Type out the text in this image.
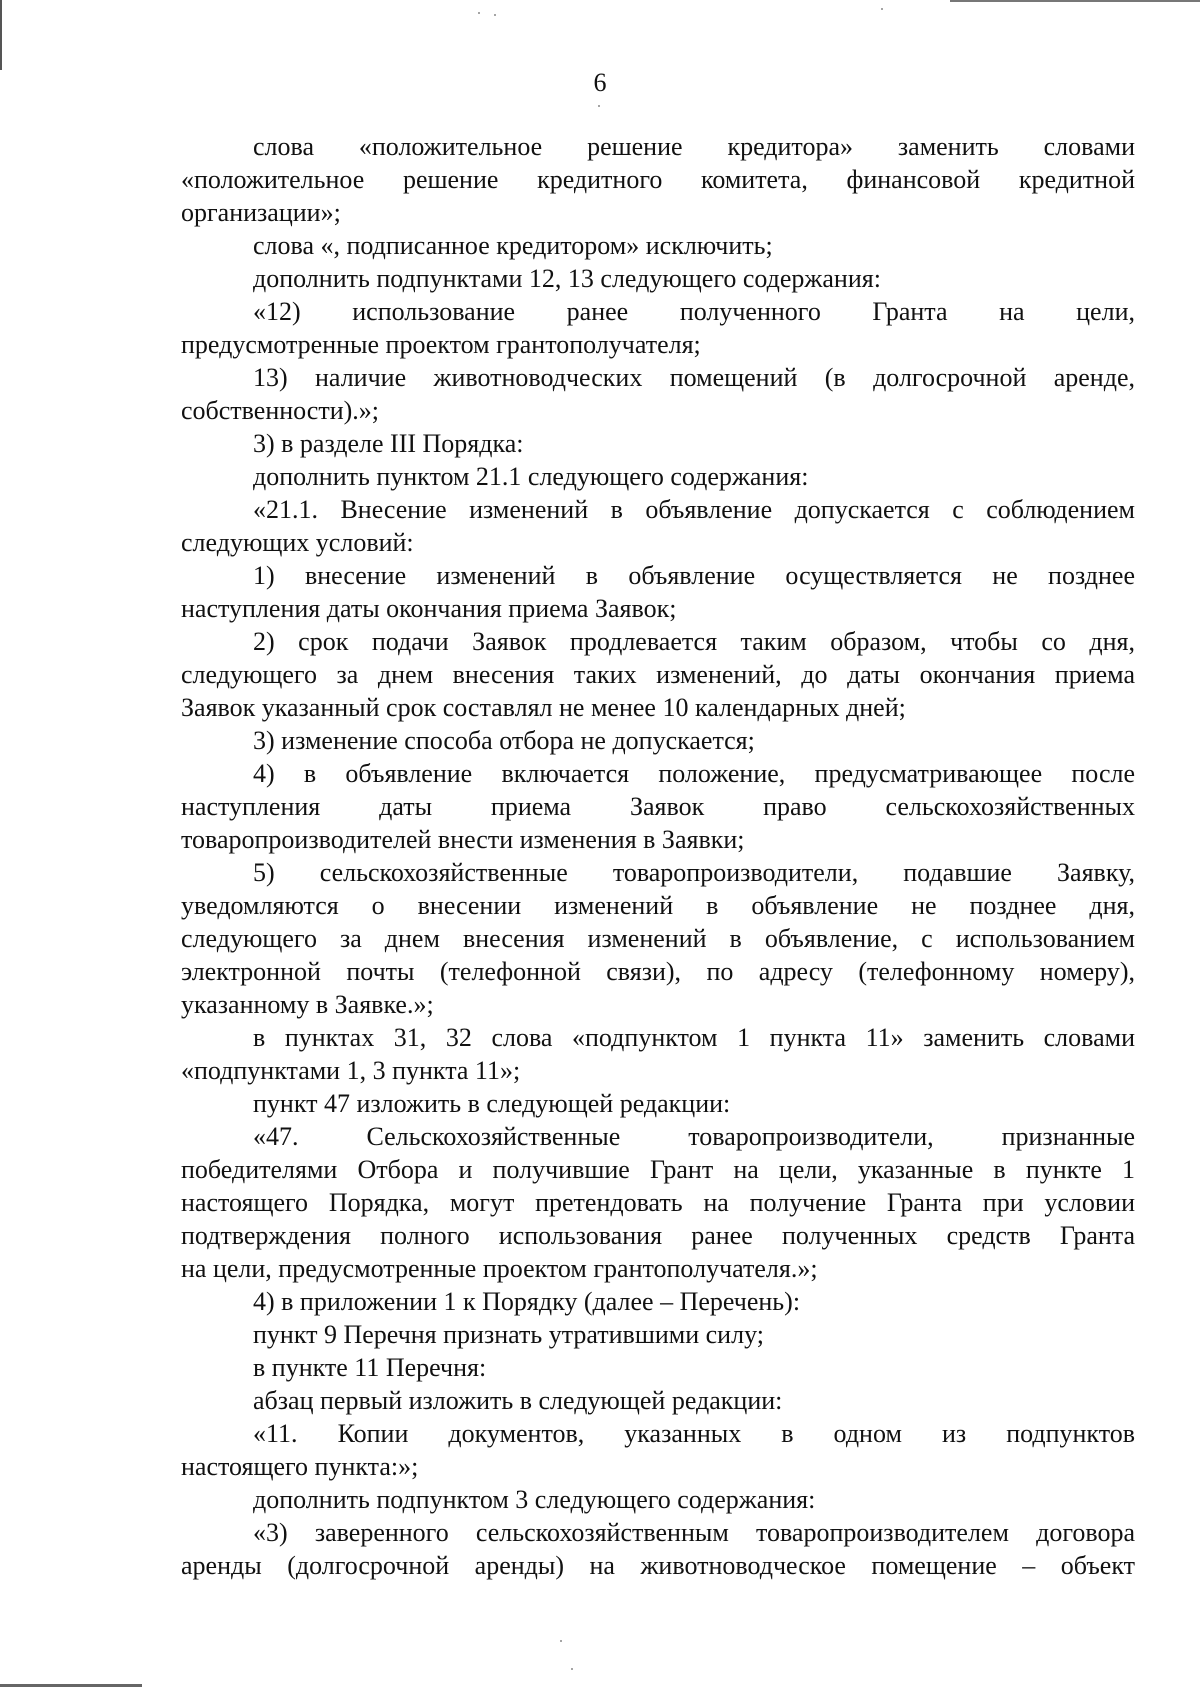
6
слова «положительное решение кредитора» заменить словами
«положительное решение кредитного комитета, финансовой кредитной
организации»;
слова «, подписанное кредитором» исключить;
дополнить подпунктами 12, 13 следующего содержания:
«12) использование ранее полученного Гранта на цели,
предусмотренные проектом грантополучателя;
13) наличие животноводческих помещений (в долгосрочной аренде,
собственности).»;
3) в разделе III Порядка:
дополнить пунктом 21.1 следующего содержания:
«21.1. Внесение изменений в объявление допускается с соблюдением
следующих условий:
1) внесение изменений в объявление осуществляется не позднее
наступления даты окончания приема Заявок;
2) срок подачи Заявок продлевается таким образом, чтобы со дня,
следующего за днем внесения таких изменений, до даты окончания приема
Заявок указанный срок составлял не менее 10 календарных дней;
3) изменение способа отбора не допускается;
4) в объявление включается положение, предусматривающее после
наступления даты приема Заявок право сельскохозяйственных
товаропроизводителей внести изменения в Заявки;
5) сельскохозяйственные товаропроизводители, подавшие Заявку,
уведомляются о внесении изменений в объявление не позднее дня,
следующего за днем внесения изменений в объявление, с использованием
электронной почты (телефонной связи), по адресу (телефонному номеру),
указанному в Заявке.»;
в пунктах 31, 32 слова «подпунктом 1 пункта 11» заменить словами
«подпунктами 1, 3 пункта 11»;
пункт 47 изложить в следующей редакции:
«47. Сельскохозяйственные товаропроизводители, признанные
победителями Отбора и получившие Грант на цели, указанные в пункте 1
настоящего Порядка, могут претендовать на получение Гранта при условии
подтверждения полного использования ранее полученных средств Гранта
на цели, предусмотренные проектом грантополучателя.»;
4) в приложении 1 к Порядку (далее – Перечень):
пункт 9 Перечня признать утратившими силу;
в пункте 11 Перечня:
абзац первый изложить в следующей редакции:
«11. Копии документов, указанных в одном из подпунктов
настоящего пункта:»;
дополнить подпунктом 3 следующего содержания:
«3) заверенного сельскохозяйственным товаропроизводителем договора
аренды (долгосрочной аренды) на животноводческое помещение – объект
